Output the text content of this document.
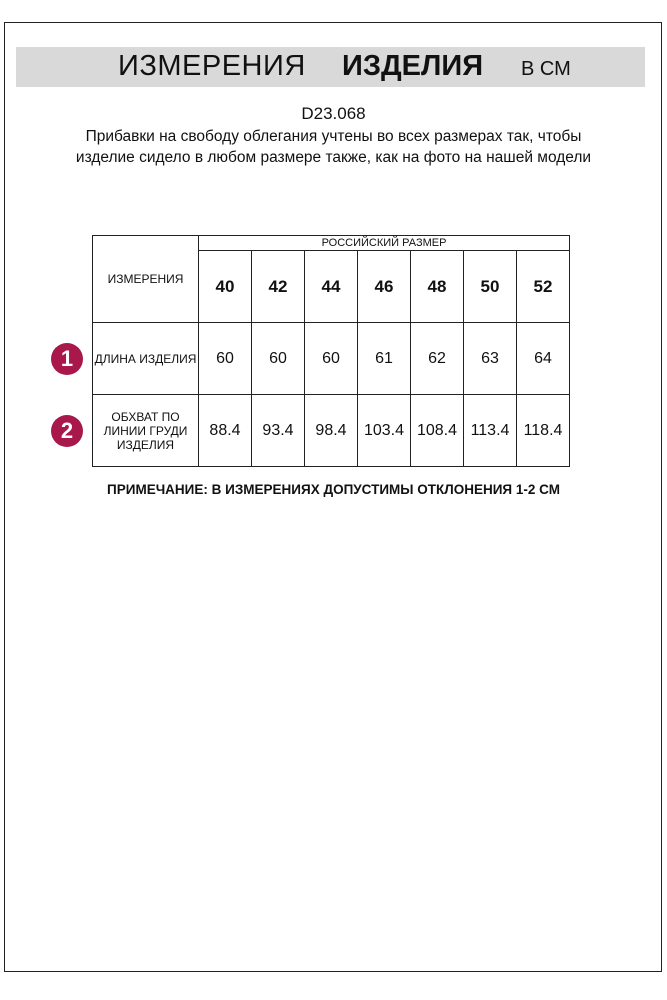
ИЗМЕРЕНИЯ ИЗДЕЛИЯ В СМ
D23.068
Прибавки на свободу облегания учтены во всех размерах так, чтобы изделие сидело в любом размере также, как на фото на нашей модели
1
2
ИЗМЕРЕНИЯ	РОССИЙСКИЙ РАЗМЕР						
	40	42	44	46	48	50	52
ДЛИНА ИЗДЕЛИЯ	60	60	60	61	62	63	64
ОБХВАТ ПО ЛИНИИ ГРУДИ ИЗДЕЛИЯ	88.4	93.4	98.4	103.4	108.4	113.4	118.4
ПРИМЕЧАНИЕ: В ИЗМЕРЕНИЯХ ДОПУСТИМЫ ОТКЛОНЕНИЯ 1-2 СМ
